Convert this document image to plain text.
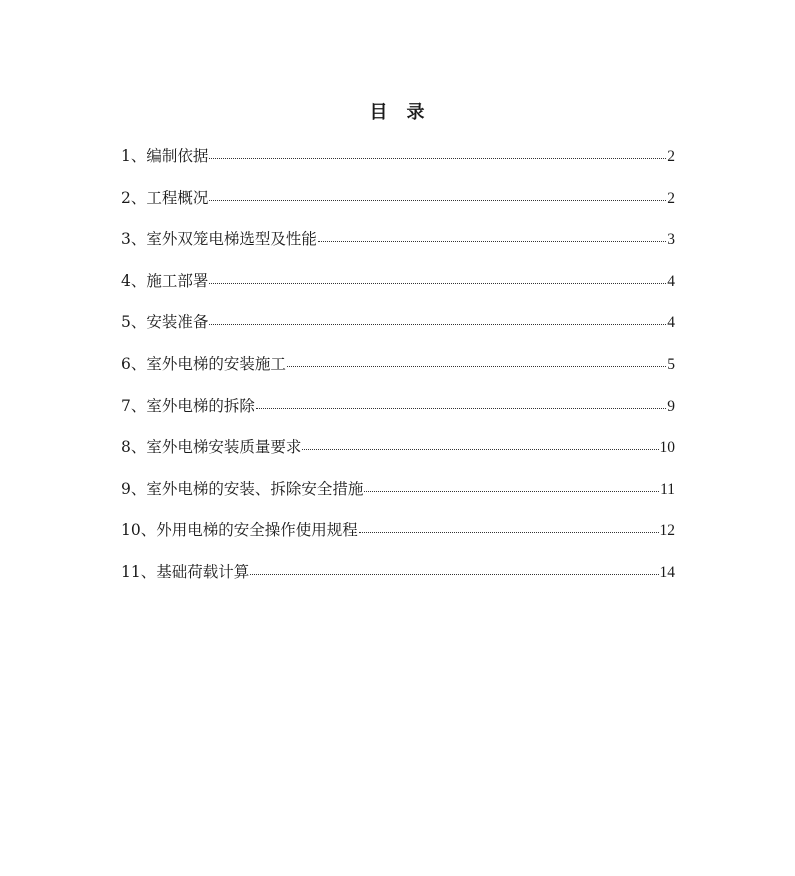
目 录
1、 编制依据	2
2、 工程概况	2
3、 室外双笼电梯选型及性能	3
4、 施工部署	4
5、 安装准备	4
6、 室外电梯的安装施工	5
7、 室外电梯的拆除	9
8、 室外电梯安装质量要求	10
9、 室外电梯的安装、拆除安全措施	11
10、 外用电梯的安全操作使用规程	12
11、 基础荷载计算	14
